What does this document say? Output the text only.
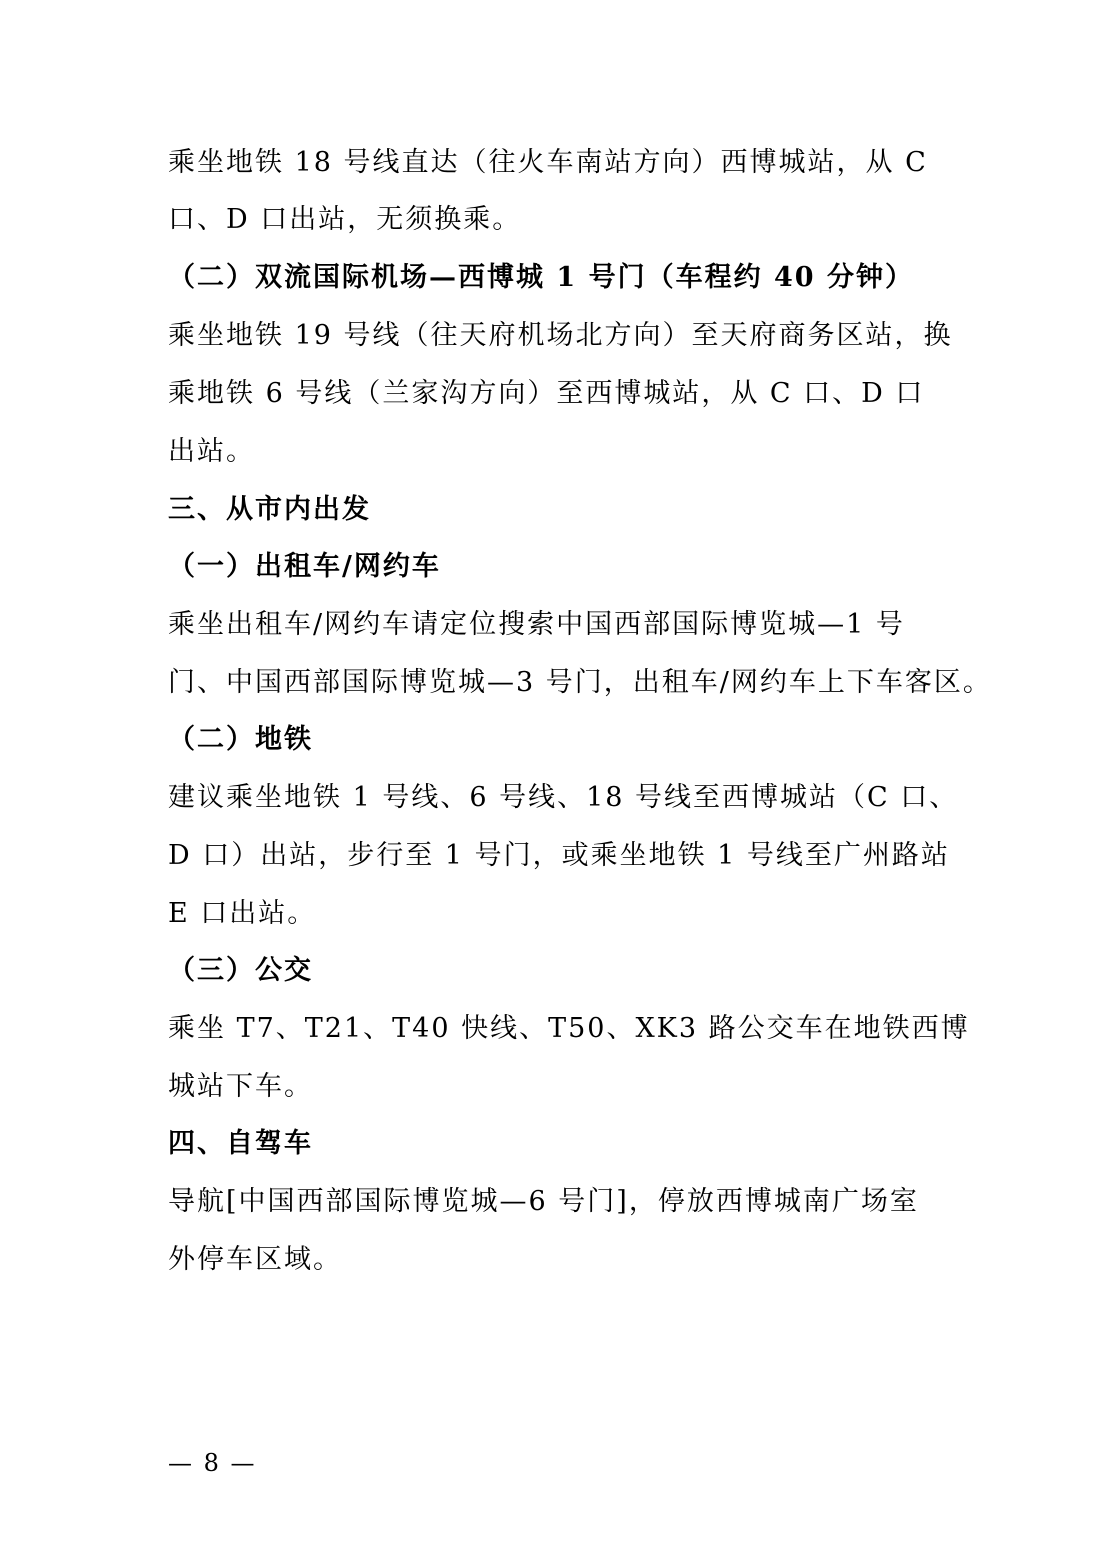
乘坐地铁 18 号线直达（往火车南站方向）西博城站，从 C
口、D 口出站，无须换乘。
（二）双流国际机场—西博城 1 号门（车程约 40 分钟）
乘坐地铁 19 号线（往天府机场北方向）至天府商务区站，换
乘地铁 6 号线（兰家沟方向）至西博城站，从 C 口、D 口
出站。
三、从市内出发
（一）出租车/网约车
乘坐出租车/网约车请定位搜索中国西部国际博览城—1 号
门、中国西部国际博览城—3 号门，出租车/网约车上下车客区。
（二）地铁
建议乘坐地铁 1 号线、6 号线、18 号线至西博城站（C 口、
D 口）出站，步行至 1 号门，或乘坐地铁 1 号线至广州路站
E 口出站。
（三）公交
乘坐 T7、T21、T40 快线、T50、XK3 路公交车在地铁西博
城站下车。
四、自驾车
导航[中国西部国际博览城—6 号门]，停放西博城南广场室
外停车区域。
— 8 —
